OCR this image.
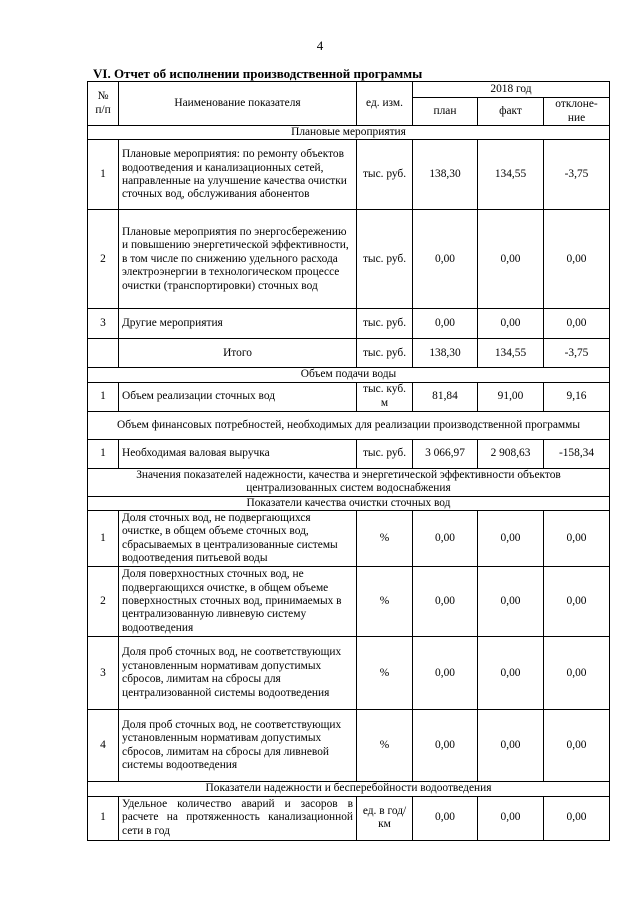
4
VI. Отчет об исполнении производственной программы
№
п/п	Наименование показателя	ед. изм.	2018 год		
			план	факт	отклоне-
ние
Плановые мероприятия					
1	Плановые мероприятия: по ремонту объектов водоотведения и канализационных сетей, направленные на улучшение качества очистки сточных вод, обслуживания абонентов	тыс. руб.	138,30	134,55	-3,75
2	Плановые мероприятия по энергосбережению и повышению энергетической эффективности, в том числе по снижению удельного расхода электроэнергии в технологическом процессе очистки (транспортировки) сточных вод	тыс. руб.	0,00	0,00	0,00
3	Другие мероприятия	тыс. руб.	0,00	0,00	0,00
	Итого	тыс. руб.	138,30	134,55	-3,75
Объем подачи воды					
1	Объем реализации сточных вод	тыс. куб. м	81,84	91,00	9,16
Объем финансовых потребностей, необходимых для реализации производственной программы					
1	Необходимая валовая выручка	тыс. руб.	3 066,97	2 908,63	-158,34
Значения показателей надежности, качества и энергетической эффективности объектов централизованных систем водоснабжения					
Показатели качества очистки сточных вод					
1	Доля сточных вод, не подвергающихся очистке, в общем объеме сточных вод, сбрасываемых в централизованные системы водоотведения питьевой воды	%	0,00	0,00	0,00
2	Доля поверхностных сточных вод, не подвергающихся очистке, в общем объеме поверхностных сточных вод, принимаемых в централизованную ливневую систему водоотведения	%	0,00	0,00	0,00
3	Доля проб сточных вод, не соответствующих установленным нормативам допустимых сбросов, лимитам на сбросы для централизованной системы водоотведения	%	0,00	0,00	0,00
4	Доля проб сточных вод, не соответствующих установленным нормативам допустимых сбросов, лимитам на сбросы для ливневой системы водоотведения	%	0,00	0,00	0,00
Показатели надежности и бесперебойности водоотведения					
1	Удельное количество аварий и засоров в расчете на протяженность канализационной сети в год	ед. в год/ км	0,00	0,00	0,00
